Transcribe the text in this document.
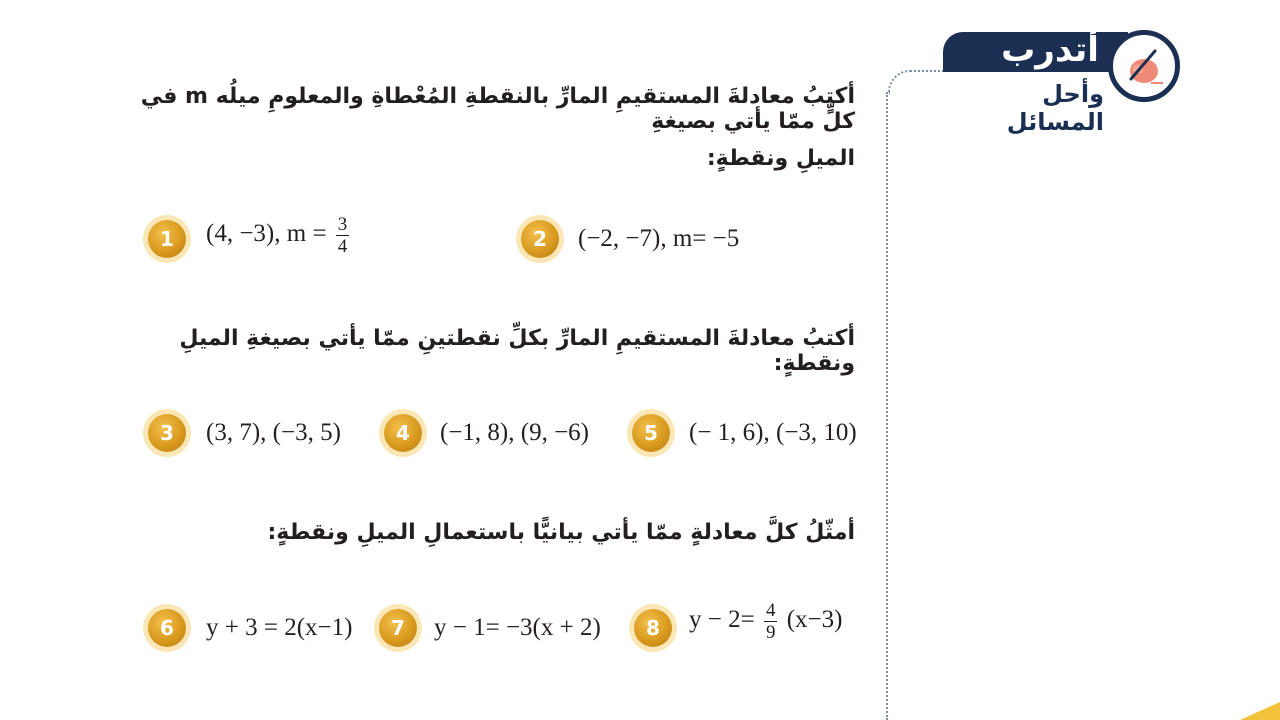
أتدرب
وأحل المسائل
أكتبُ معادلةَ المستقيمِ المارِّ بالنقطةِ المُعْطاةِ والمعلومِ ميلُه m في كلٍّ ممّا يأتي بصيغةِ
الميلِ ونقطةٍ:
1	(4, −3), $m = \frac{3}{4}$	2	(−2, −7), m= −5
أكتبُ معادلةَ المستقيمِ المارِّ بكلِّ نقطتينِ ممّا يأتي بصيغةِ الميلِ ونقطةٍ:
3	(3, 7), (−3, 5)	4	(−1, 8), (9, −6)	5	(− 1, 6), (−3, 10)
أمثّلُ كلَّ معادلةٍ ممّا يأتي بيانيًّا باستعمالِ الميلِ ونقطةٍ:
6	y + 3 = 2(x−1)	7	y − 1= −3(x + 2)	8	$y - 2= \frac{4}{9} (x-3)$
